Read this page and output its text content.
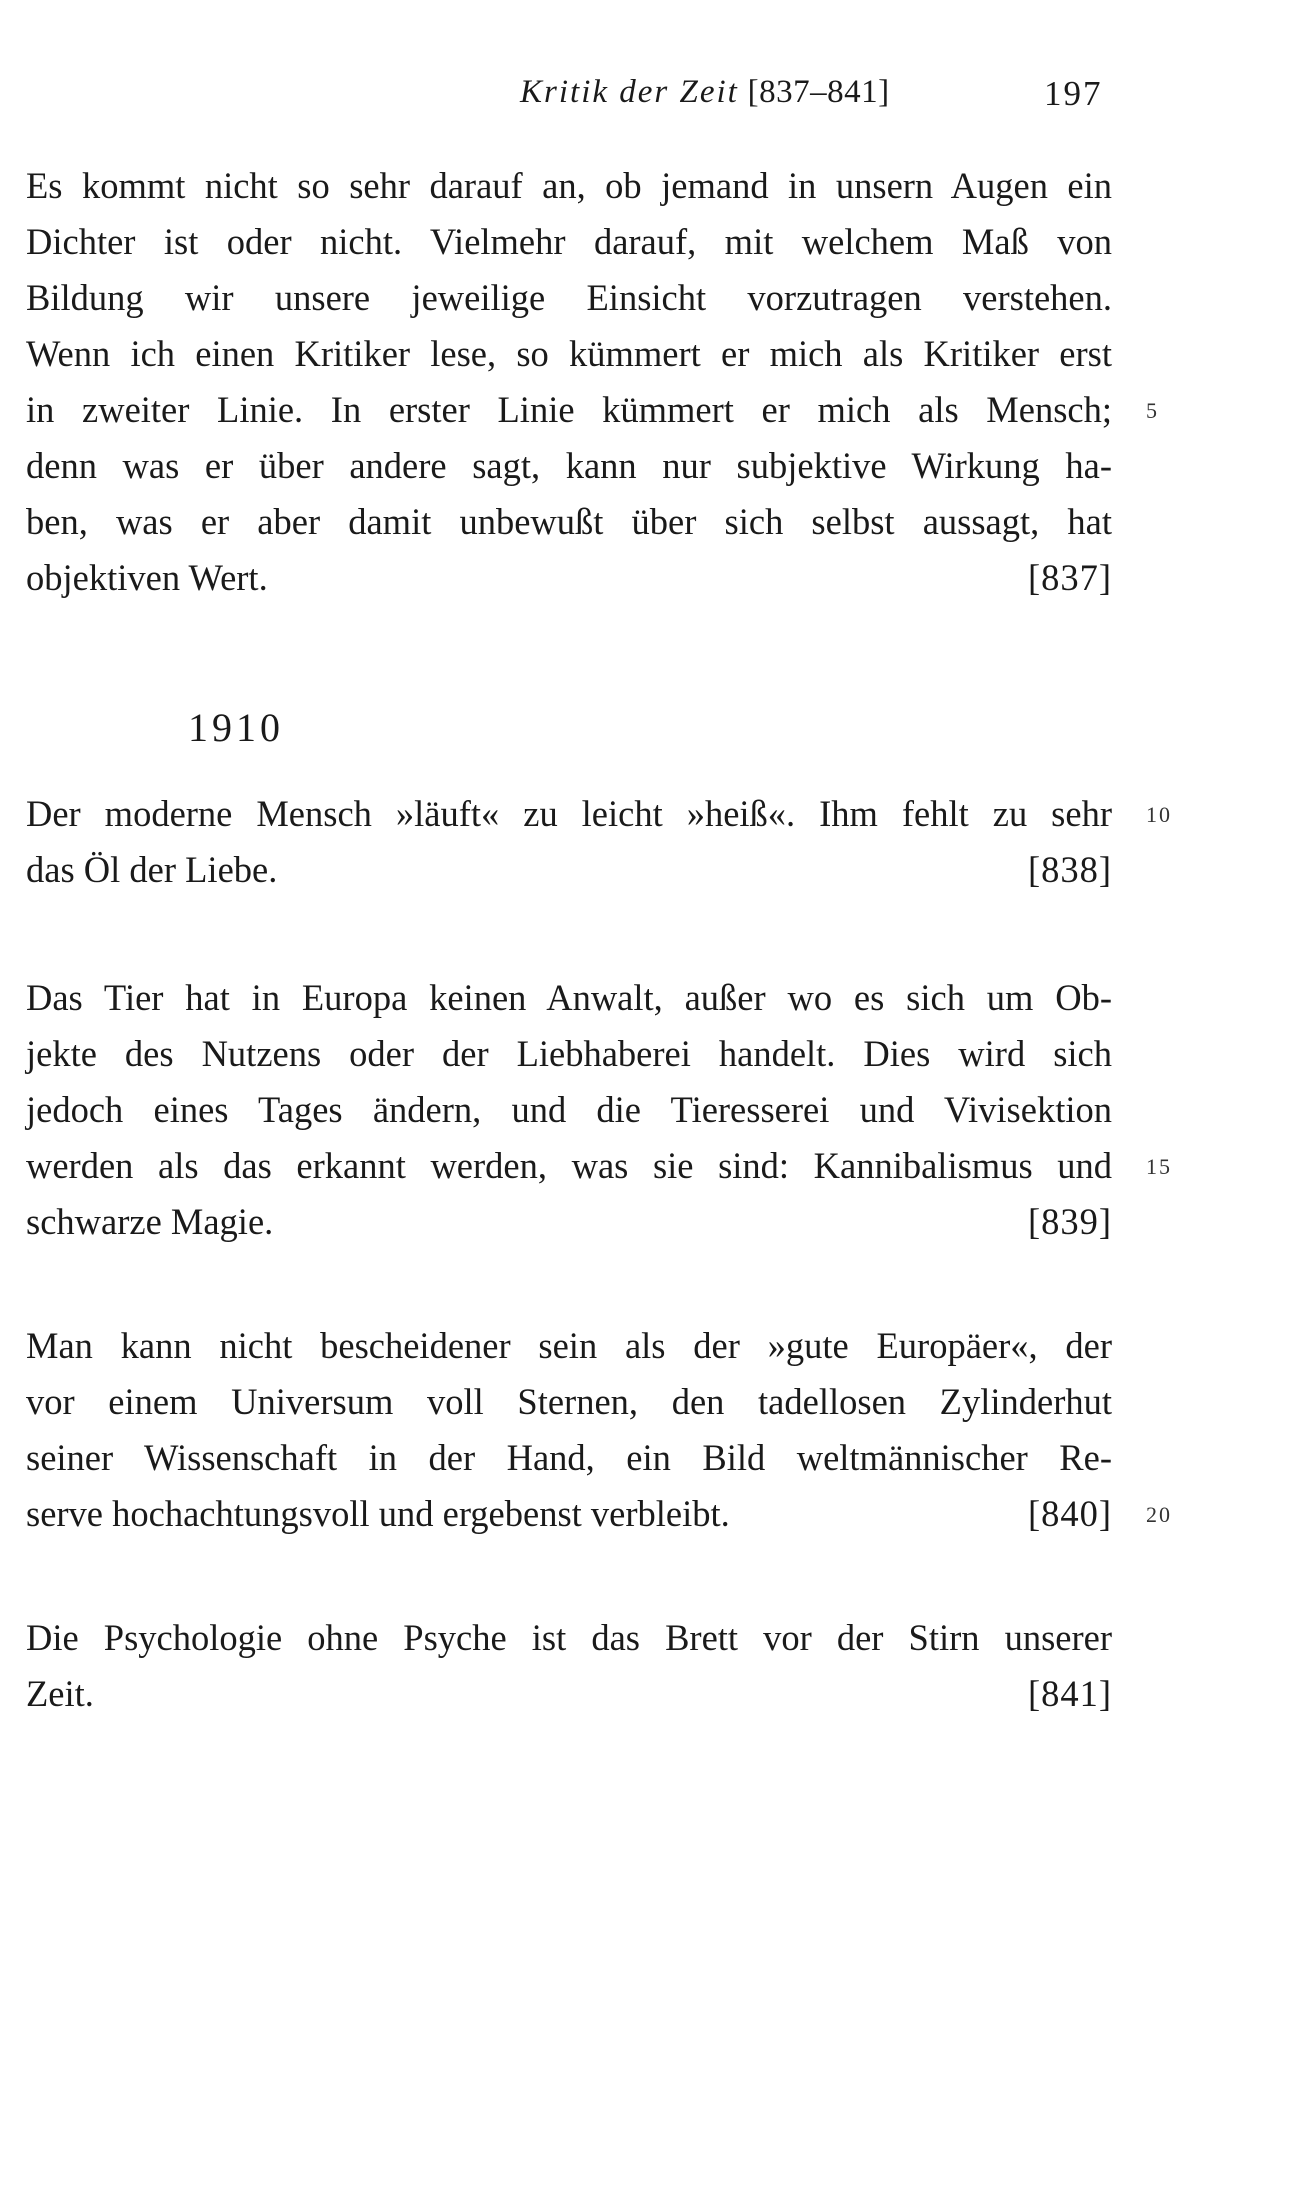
Kritik der Zeit [837–841]	197
Es kommt nicht so sehr darauf an, ob jemand in unsern Augen ein
Dichter ist oder nicht. Vielmehr darauf, mit welchem Maß von
Bildung wir unsere jeweilige Einsicht vorzutragen verstehen.
Wenn ich einen Kritiker lese, so kümmert er mich als Kritiker erst
in zweiter Linie. In erster Linie kümmert er mich als Mensch;
denn was er über andere sagt, kann nur subjektive Wirkung ha-
ben, was er aber damit unbewußt über sich selbst aussagt, hat
objektiven Wert.	[837]
1910
Der moderne Mensch »läuft« zu leicht »heiß«. Ihm fehlt zu sehr
das Öl der Liebe.	[838]
Das Tier hat in Europa keinen Anwalt, außer wo es sich um Ob-
jekte des Nutzens oder der Liebhaberei handelt. Dies wird sich
jedoch eines Tages ändern, und die Tieresserei und Vivisektion
werden als das erkannt werden, was sie sind: Kannibalismus und
schwarze Magie.	[839]
Man kann nicht bescheidener sein als der »gute Europäer«, der
vor einem Universum voll Sternen, den tadellosen Zylinderhut
seiner Wissenschaft in der Hand, ein Bild weltmännischer Re-
serve hochachtungsvoll und ergebenst verbleibt.	[840]
Die Psychologie ohne Psyche ist das Brett vor der Stirn unserer
Zeit.	[841]
5
10
15
20
